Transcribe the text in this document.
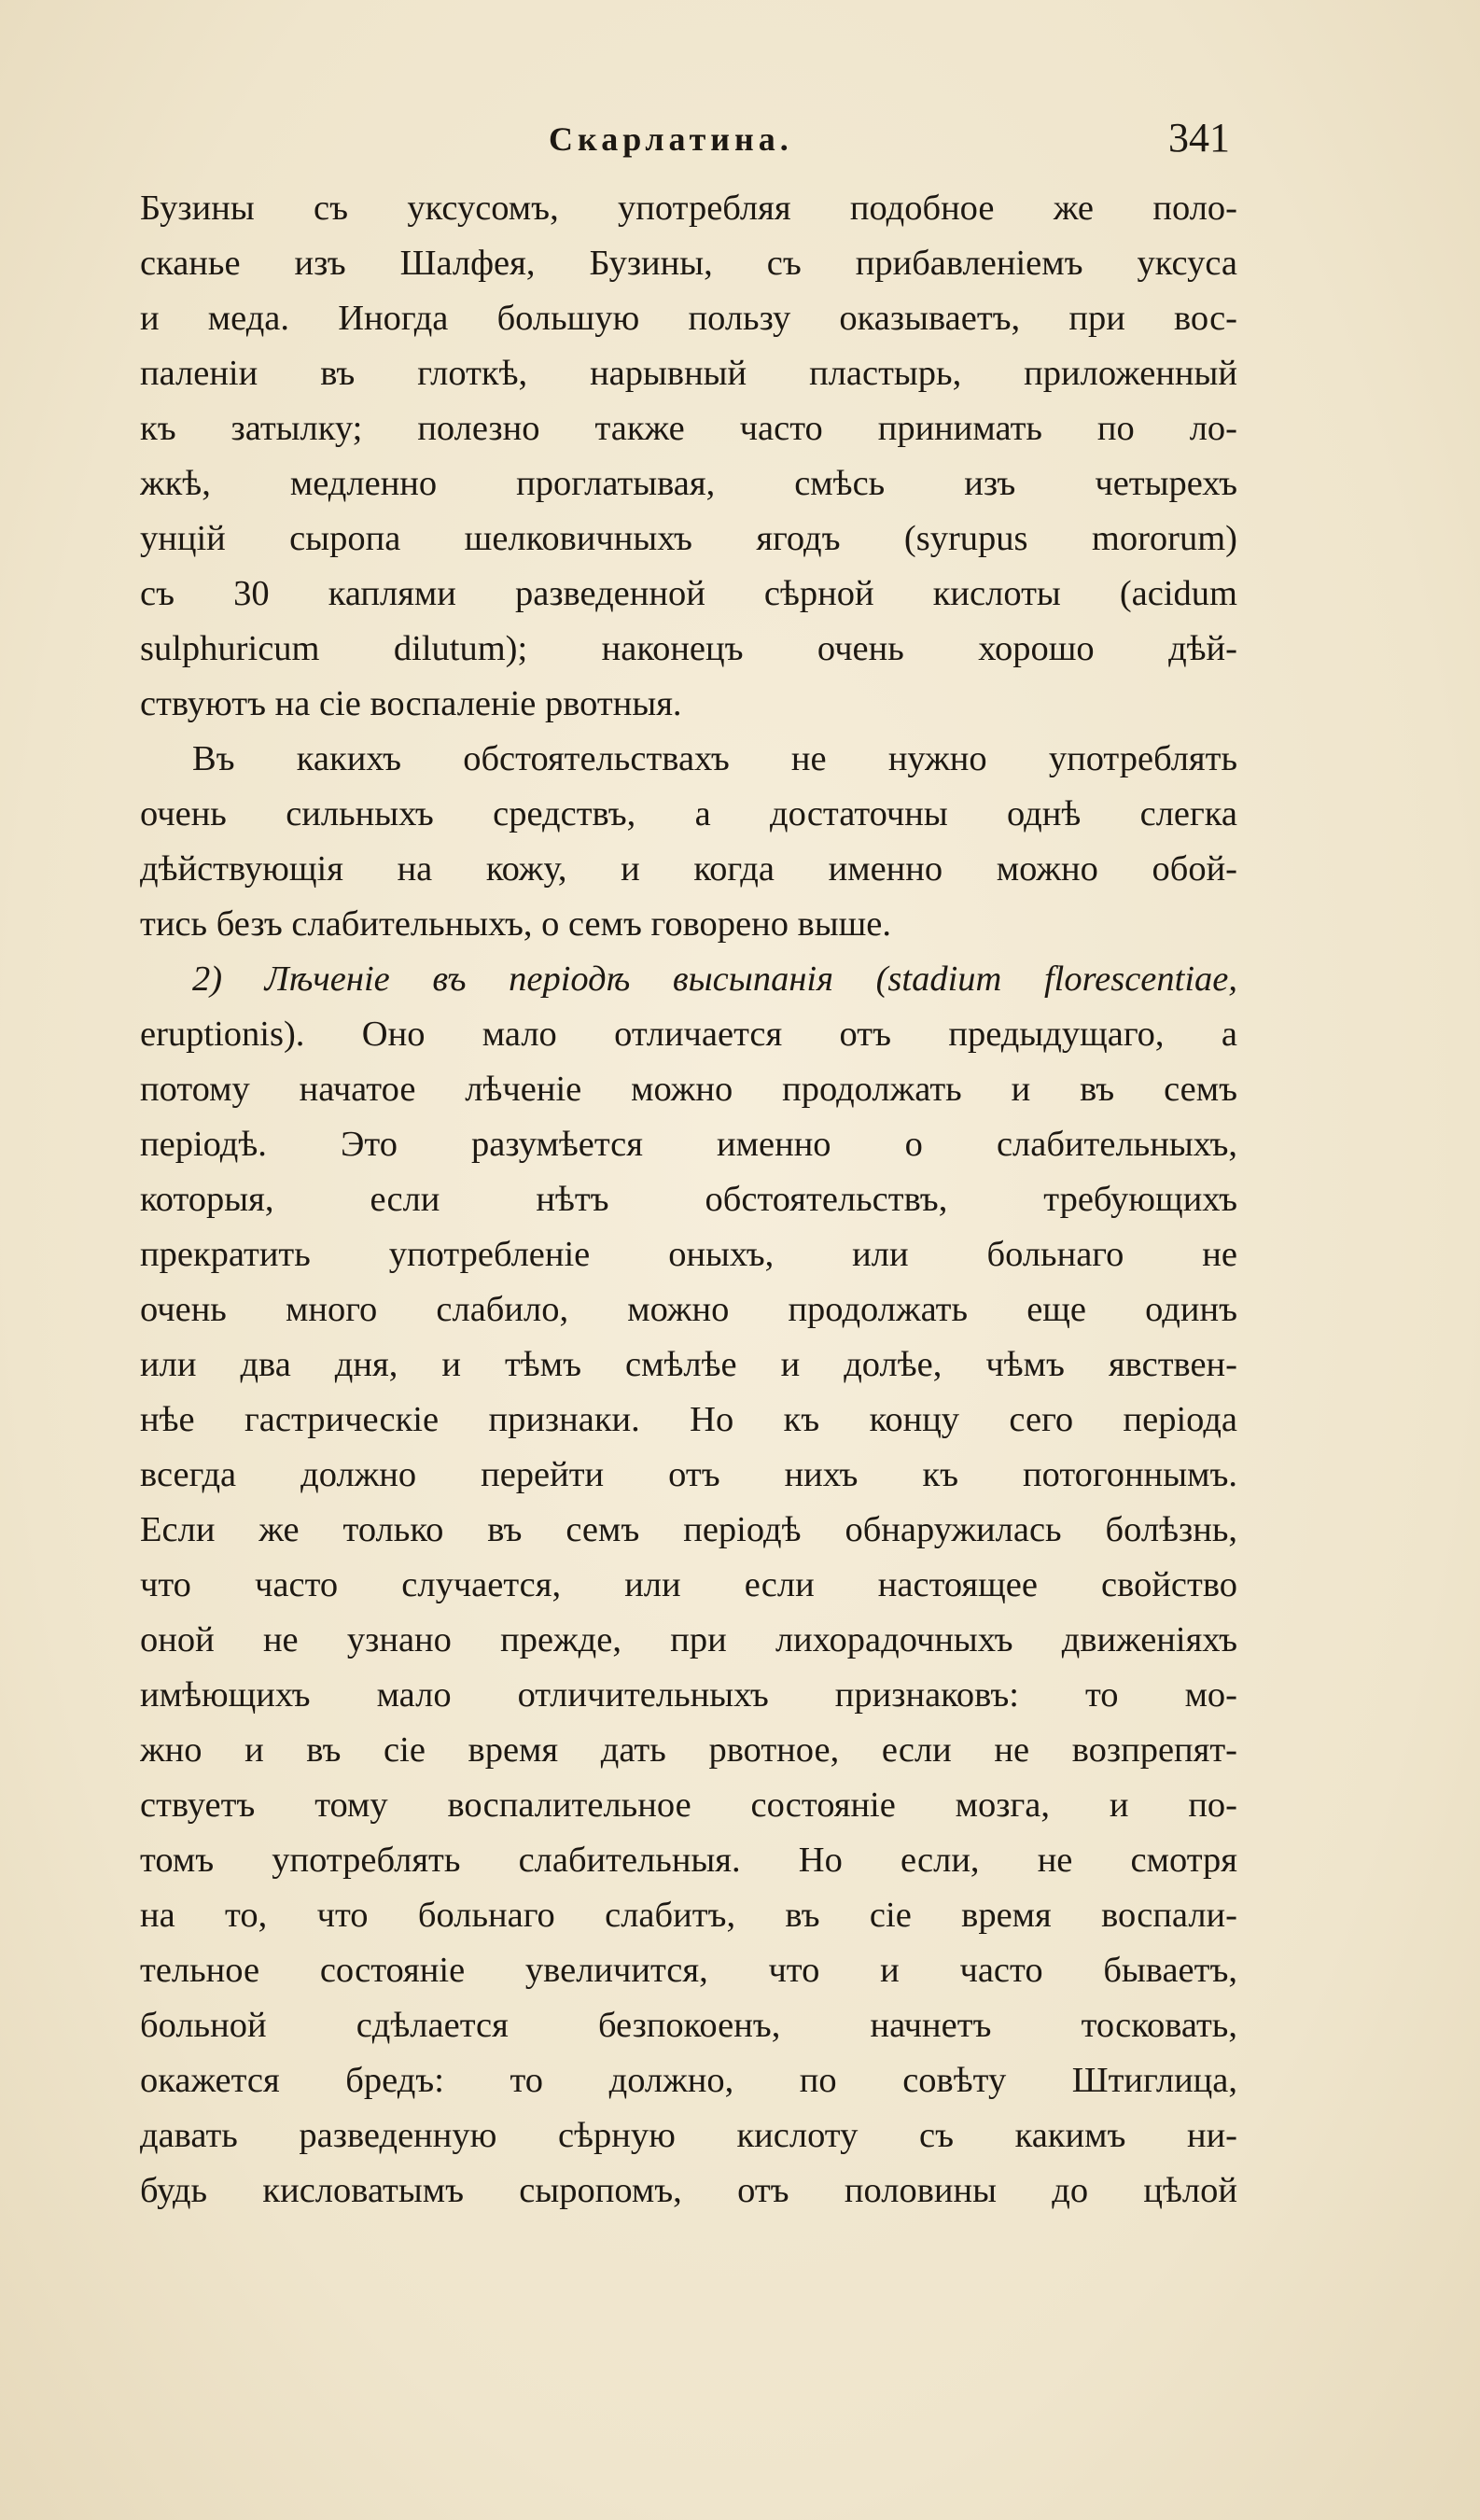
Скарлатина.	341
Бузины съ уксусомъ, употребляя подобное же поло-
сканье изъ Шалфея, Бузины, съ прибавленіемъ уксуса
и меда. Иногда большую пользу оказываетъ, при вос-
паленіи въ глоткѣ, нарывный пластырь, приложенный
къ затылку; полезно также часто принимать по ло-
жкѣ, медленно проглатывая, смѣсь изъ четырехъ
унцій сыропа шелковичныхъ ягодъ (syrupus mororum)
съ 30 каплями разведенной сѣрной кислоты (acidum
sulphuricum dilutum); наконецъ очень хорошо дѣй-
ствуютъ на сіе воспаленіе рвотныя.
Въ какихъ обстоятельствахъ не нужно употреблять
очень сильныхъ средствъ, а достаточны однѣ слегка
дѣйствующія на кожу, и когда именно можно обой-
тись безъ слабительныхъ, о семъ говорено выше.
2) Лѣченіе въ періодѣ высыпанія (stadium florescentiae,
eruptionis). Оно мало отличается отъ предыдущаго, а
потому начатое лѣченіе можно продолжать и въ семъ
періодѣ. Это разумѣется именно о слабительныхъ,
которыя, если нѣтъ обстоятельствъ, требующихъ
прекратить употребленіе оныхъ, или больнаго не
очень много слабило, можно продолжать еще одинъ
или два дня, и тѣмъ смѣлѣе и долѣе, чѣмъ явствен-
нѣе гастрическіе признаки. Но къ концу сего періода
всегда должно перейти отъ нихъ къ потогоннымъ.
Если же только въ семъ періодѣ обнаружилась болѣзнь,
что часто случается, или если настоящее свойство
оной не узнано прежде, при лихорадочныхъ движеніяхъ
имѣющихъ мало отличительныхъ признаковъ: то мо-
жно и въ сіе время дать рвотное, если не возпрепят-
ствуетъ тому воспалительное состояніе мозга, и по-
томъ употреблять слабительныя. Но если, не смотря
на то, что больнаго слабитъ, въ сіе время воспали-
тельное состояніе увеличится, что и часто бываетъ,
больной сдѣлается безпокоенъ, начнетъ тосковать,
окажется бредъ: то должно, по совѣту Штиглица,
давать разведенную сѣрную кислоту съ какимъ ни-
будь кисловатымъ сыропомъ, отъ половины до цѣлой
